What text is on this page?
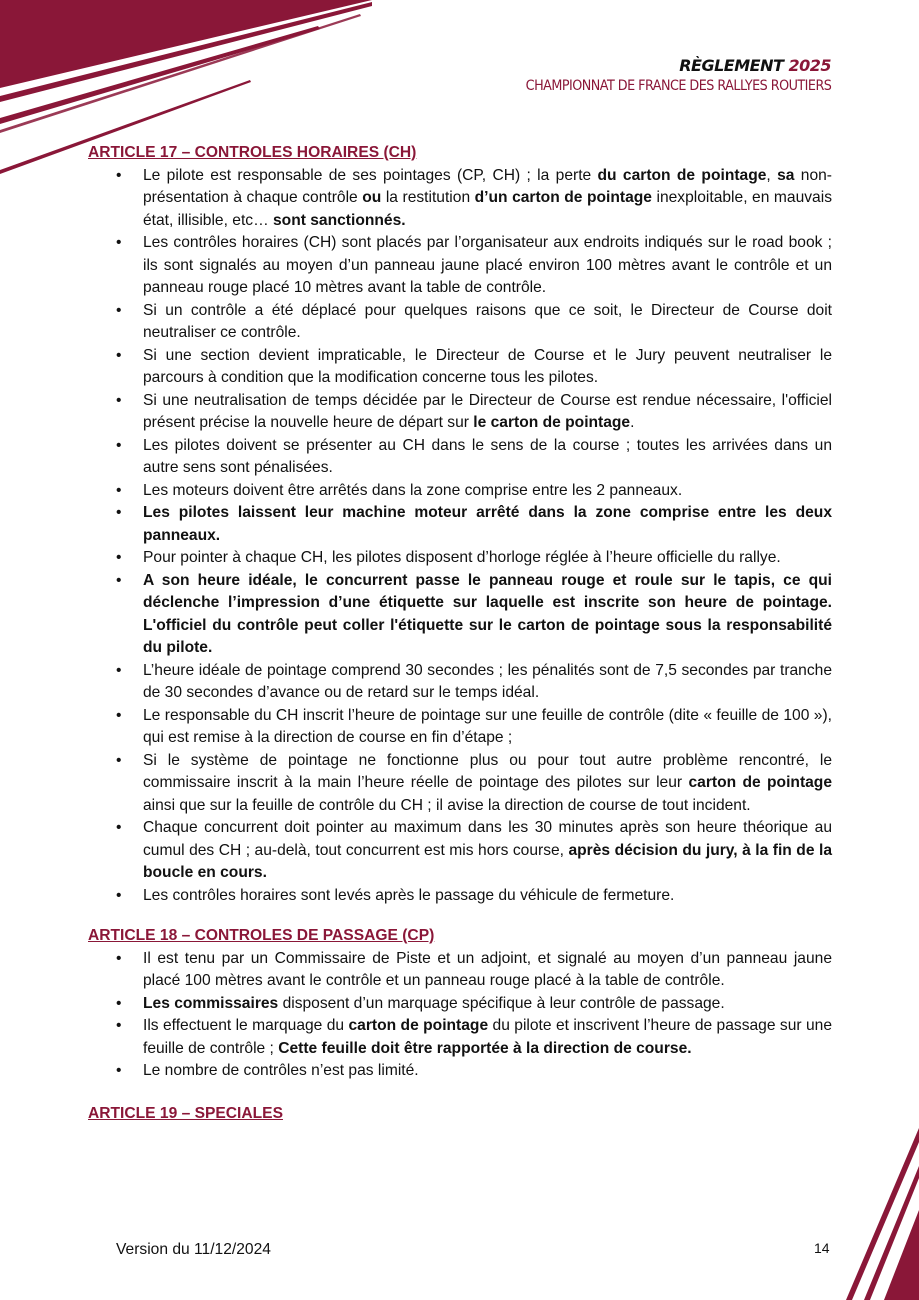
RÈGLEMENT 2025
CHAMPIONNAT DE FRANCE DES RALLYES ROUTIERS
ARTICLE 17 – CONTROLES HORAIRES (CH)
• Le pilote est responsable de ses pointages (CP, CH) ; la perte du carton de pointage, sa non-présentation à chaque contrôle ou la restitution d’un carton de pointage inexploitable, en mauvais état, illisible, etc… sont sanctionnés.
• Les contrôles horaires (CH) sont placés par l’organisateur aux endroits indiqués sur le road book ; ils sont signalés au moyen d’un panneau jaune placé environ 100 mètres avant le contrôle et un panneau rouge placé 10 mètres avant la table de contrôle.
• Si un contrôle a été déplacé pour quelques raisons que ce soit, le Directeur de Course doit neutraliser ce contrôle.
• Si une section devient impraticable, le Directeur de Course et le Jury peuvent neutraliser le parcours à condition que la modification concerne tous les pilotes.
• Si une neutralisation de temps décidée par le Directeur de Course est rendue nécessaire, l'officiel présent précise la nouvelle heure de départ sur le carton de pointage.
• Les pilotes doivent se présenter au CH dans le sens de la course ; toutes les arrivées dans un autre sens sont pénalisées.
• Les moteurs doivent être arrêtés dans la zone comprise entre les 2 panneaux.
• Les pilotes laissent leur machine moteur arrêté dans la zone comprise entre les deux panneaux.
• Pour pointer à chaque CH, les pilotes disposent d’horloge réglée à l’heure officielle du rallye.
• A son heure idéale, le concurrent passe le panneau rouge et roule sur le tapis, ce qui déclenche l’impression d’une étiquette sur laquelle est inscrite son heure de pointage. L'officiel du contrôle peut coller l'étiquette sur le carton de pointage sous la responsabilité du pilote.
• L’heure idéale de pointage comprend 30 secondes ; les pénalités sont de 7,5 secondes par tranche de 30 secondes d’avance ou de retard sur le temps idéal.
• Le responsable du CH inscrit l’heure de pointage sur une feuille de contrôle (dite « feuille de 100 »), qui est remise à la direction de course en fin d’étape ;
• Si le système de pointage ne fonctionne plus ou pour tout autre problème rencontré, le commissaire inscrit à la main l’heure réelle de pointage des pilotes sur leur carton de pointage ainsi que sur la feuille de contrôle du CH ; il avise la direction de course de tout incident.
• Chaque concurrent doit pointer au maximum dans les 30 minutes après son heure théorique au cumul des CH ; au-delà, tout concurrent est mis hors course, après décision du jury, à la fin de la boucle en cours.
• Les contrôles horaires sont levés après le passage du véhicule de fermeture.
ARTICLE 18 – CONTROLES DE PASSAGE (CP)
• Il est tenu par un Commissaire de Piste et un adjoint, et signalé au moyen d’un panneau jaune placé 100 mètres avant le contrôle et un panneau rouge placé à la table de contrôle.
• Les commissaires disposent d’un marquage spécifique à leur contrôle de passage.
• Ils effectuent le marquage du carton de pointage du pilote et inscrivent l’heure de passage sur une feuille de contrôle ; Cette feuille doit être rapportée à la direction de course.
• Le nombre de contrôles n’est pas limité.
ARTICLE 19 – SPECIALES
Version du 11/12/2024	14
